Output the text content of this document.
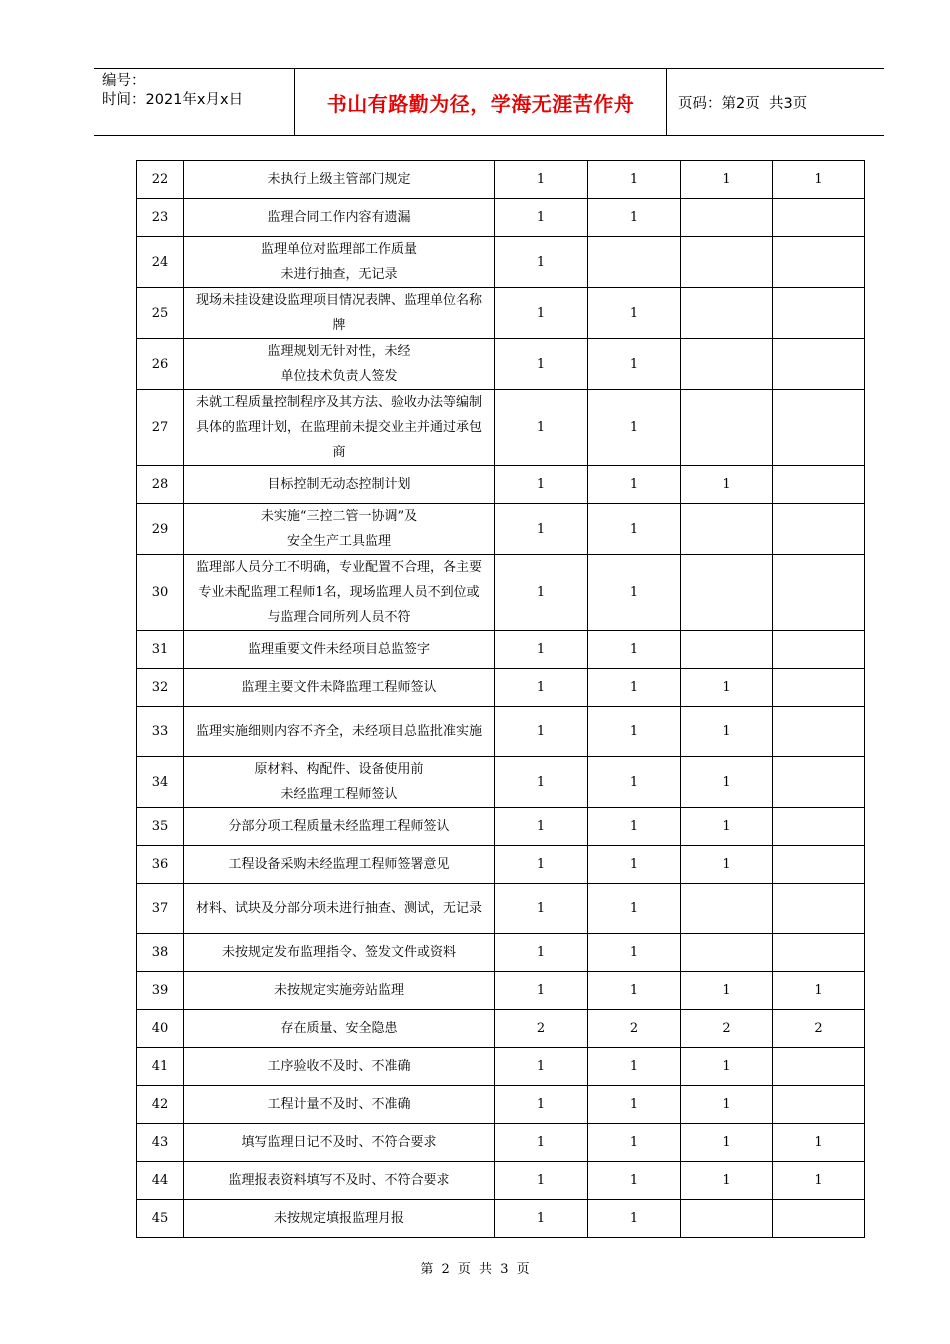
编号：
时间：2021年x月x日	书山有路勤为径，学海无涯苦作舟	页码：第2页  共3页
22	未执行上级主管部门规定	1	1	1	1
23	监理合同工作内容有遗漏	1	1		
24	监理单位对监理部工作质量
未进行抽查，无记录	1			
25	现场未挂设建设监理项目情况表牌、监理单位名称牌	1	1		
26	监理规划无针对性，未经
单位技术负责人签发	1	1		
27	未就工程质量控制程序及其方法、验收办法等编制具体的监理计划，在监理前未提交业主并通过承包商	1	1		
28	目标控制无动态控制计划	1	1	1	
29	未实施“三控二管一协调”及
安全生产工具监理	1	1		
30	监理部人员分工不明确，专业配置不合理，各主要专业未配监理工程师1名，现场监理人员不到位或与监理合同所列人员不符	1	1		
31	监理重要文件未经项目总监签字	1	1		
32	监理主要文件未降监理工程师签认	1	1	1	
33	监理实施细则内容不齐全，未经项目总监批准实施	1	1	1	
34	原材料、构配件、设备使用前
未经监理工程师签认	1	1	1	
35	分部分项工程质量未经监理工程师签认	1	1	1	
36	工程设备采购未经监理工程师签署意见	1	1	1	
37	材料、试块及分部分项未进行抽查、测试，无记录	1	1		
38	未按规定发布监理指令、签发文件或资料	1	1		
39	未按规定实施旁站监理	1	1	1	1
40	存在质量、安全隐患	2	2	2	2
41	工序验收不及时、不准确	1	1	1	
42	工程计量不及时、不准确	1	1	1	
43	填写监理日记不及时、不符合要求	1	1	1	1
44	监理报表资料填写不及时、不符合要求	1	1	1	1
45	未按规定填报监理月报	1	1		
第 2 页 共 3 页
